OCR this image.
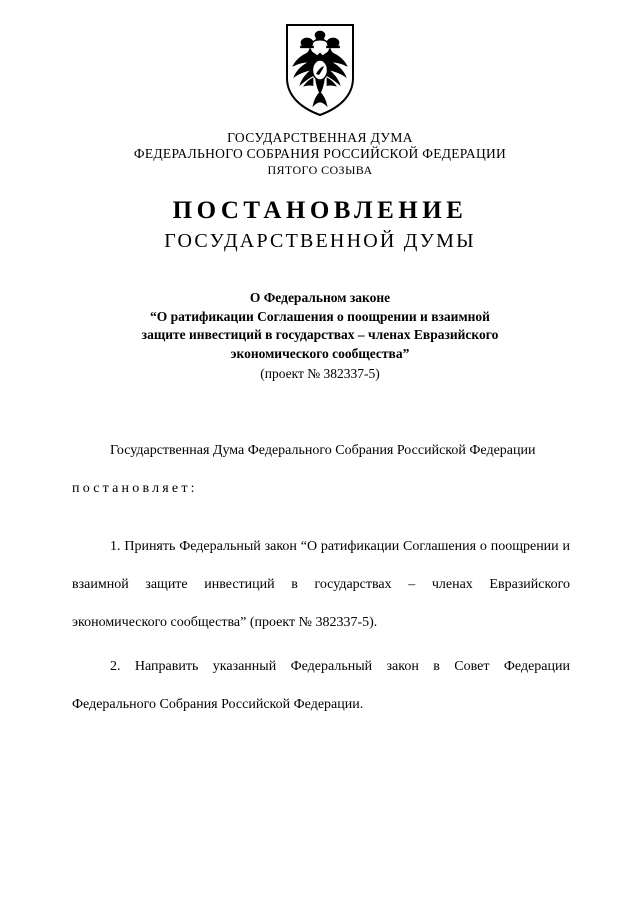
ГОСУДАРСТВЕННАЯ ДУМА
ФЕДЕРАЛЬНОГО СОБРАНИЯ РОССИЙСКОЙ ФЕДЕРАЦИИ
ПЯТОГО СОЗЫВА
ПОСТАНОВЛЕНИЕ
ГОСУДАРСТВЕННОЙ ДУМЫ
О Федеральном законе
“О ратификации Соглашения о поощрении и взаимной
защите инвестиций в государствах – членах Евразийского
экономического сообщества”
(проект № 382337-5)

Государственная Дума Федерального Собрания Российской Федерации

постановляет:

1. Принять Федеральный закон “О ратификации Соглашения о поощрении и взаимной защите инвестиций в государствах – членах Евразийского экономического сообщества” (проект № 382337-5).

2. Направить указанный Федеральный закон в Совет Федерации Федерального Собрания Российской Федерации.
